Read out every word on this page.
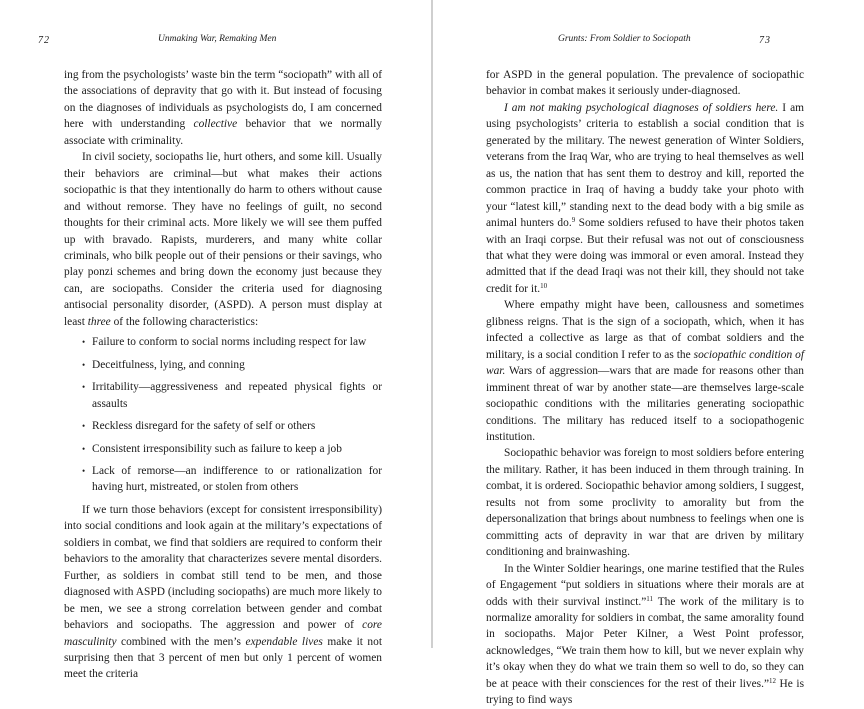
72	Unmaking War, Remaking Men

ing from the psychologists’ waste bin the term “sociopath” with all of the associations of depravity that go with it. But instead of focusing on the diagnoses of individuals as psychologists do, I am concerned here with understanding collective behavior that we normally associate with criminality.

In civil society, sociopaths lie, hurt others, and some kill. Usually their behaviors are criminal—but what makes their actions sociopathic is that they intentionally do harm to others without cause and without remorse. They have no feelings of guilt, no second thoughts for their criminal acts. More likely we will see them puffed up with bravado. Rapists, murderers, and many white collar criminals, who bilk people out of their pensions or their savings, who play ponzi schemes and bring down the economy just because they can, are sociopaths. Consider the criteria used for diagnosing antisocial personality disorder, (ASPD). A person must display at least three of the following characteristics:

• Failure to conform to social norms including respect for law
• Deceitfulness, lying, and conning
• Irritability—aggressiveness and repeated physical fights or assaults
• Reckless disregard for the safety of self or others
• Consistent irresponsibility such as failure to keep a job
• Lack of remorse—an indifference to or rationalization for having hurt, mistreated, or stolen from others

If we turn those behaviors (except for consistent irresponsibility) into social conditions and look again at the military’s expectations of soldiers in combat, we find that soldiers are required to conform their behaviors to the amorality that characterizes severe mental disorders. Further, as soldiers in combat still tend to be men, and those diagnosed with ASPD (including sociopaths) are much more likely to be men, we see a strong correlation between gender and combat behaviors and sociopaths. The aggression and power of core masculinity combined with the men’s expendable lives make it not surprising then that 3 percent of men but only 1 percent of women meet the criteria

Grunts: From Soldier to Sociopath	73

for ASPD in the general population. The prevalence of sociopathic behavior in combat makes it seriously under-diagnosed.

I am not making psychological diagnoses of soldiers here. I am using psychologists’ criteria to establish a social condition that is generated by the military. The newest generation of Winter Soldiers, veterans from the Iraq War, who are trying to heal themselves as well as us, the nation that has sent them to destroy and kill, reported the common practice in Iraq of having a buddy take your photo with your “latest kill,” standing next to the dead body with a big smile as animal hunters do.$^9$ Some soldiers refused to have their photos taken with an Iraqi corpse. But their refusal was not out of consciousness that what they were doing was immoral or even amoral. Instead they admitted that if the dead Iraqi was not their kill, they should not take credit for it.$^{10}$

Where empathy might have been, callousness and sometimes glibness reigns. That is the sign of a sociopath, which, when it has infected a collective as large as that of combat soldiers and the military, is a social condition I refer to as the sociopathic condition of war. Wars of aggression—wars that are made for reasons other than imminent threat of war by another state—are themselves large-scale sociopathic conditions with the militaries generating sociopathic conditions. The military has reduced itself to a sociopathogenic institution.

Sociopathic behavior was foreign to most soldiers before entering the military. Rather, it has been induced in them through training. In combat, it is ordered. Sociopathic behavior among soldiers, I suggest, results not from some proclivity to amorality but from the depersonalization that brings about numbness to feelings when one is committing acts of depravity in war that are driven by military conditioning and brainwashing.

In the Winter Soldier hearings, one marine testified that the Rules of Engagement “put soldiers in situations where their morals are at odds with their survival instinct.”$^{11}$ The work of the military is to normalize amorality for soldiers in combat, the same amorality found in sociopaths. Major Peter Kilner, a West Point professor, acknowledges, “We train them how to kill, but we never explain why it’s okay when they do what we train them so well to do, so they can be at peace with their consciences for the rest of their lives.”$^{12}$ He is trying to find ways
